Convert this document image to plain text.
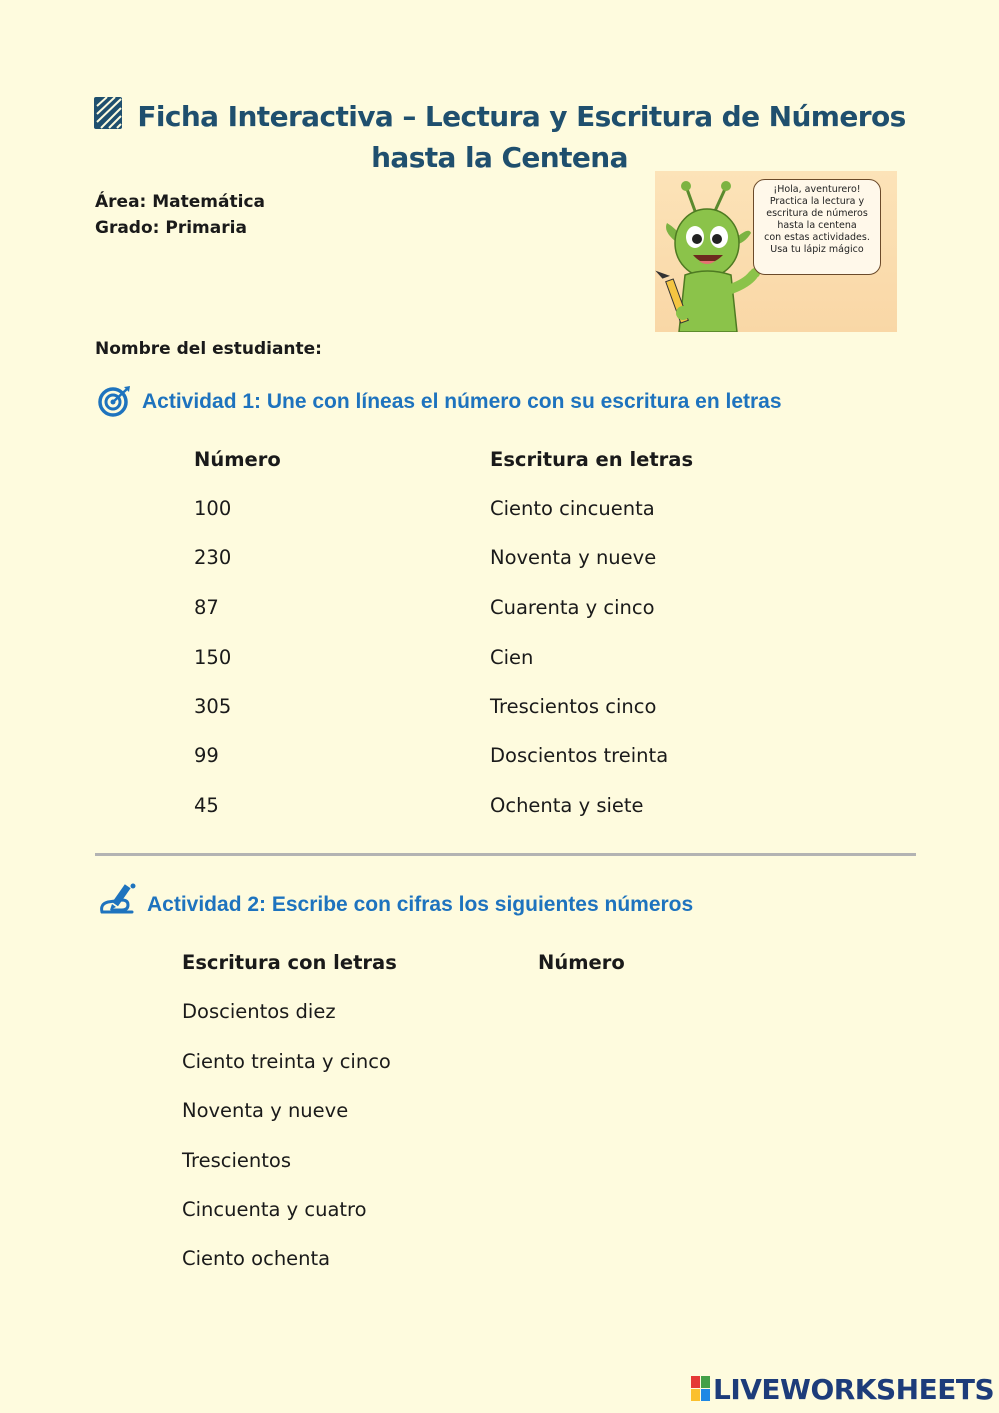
Ficha Interactiva – Lectura y Escritura de Números
hasta la Centena
Área: Matemática
Grado: Primaria
Nombre del estudiante:
¡Hola, aventurero!
Practica la lectura y
escritura de números
hasta la centena
con estas actividades.
Usa tu lápiz mágico
Actividad 1: Une con líneas el número con su escritura en letras
Número	Escritura en letras
100
230
87
150
305
99
45
Ciento cincuenta
Noventa y nueve
Cuarenta y cinco
Cien
Trescientos cinco
Doscientos treinta
Ochenta y siete
Actividad 2: Escribe con cifras los siguientes números
Escritura con letras	Número
Doscientos diez
Ciento treinta y cinco
Noventa y nueve
Trescientos
Cincuenta y cuatro
Ciento ochenta
LIVEWORKSHEETS
